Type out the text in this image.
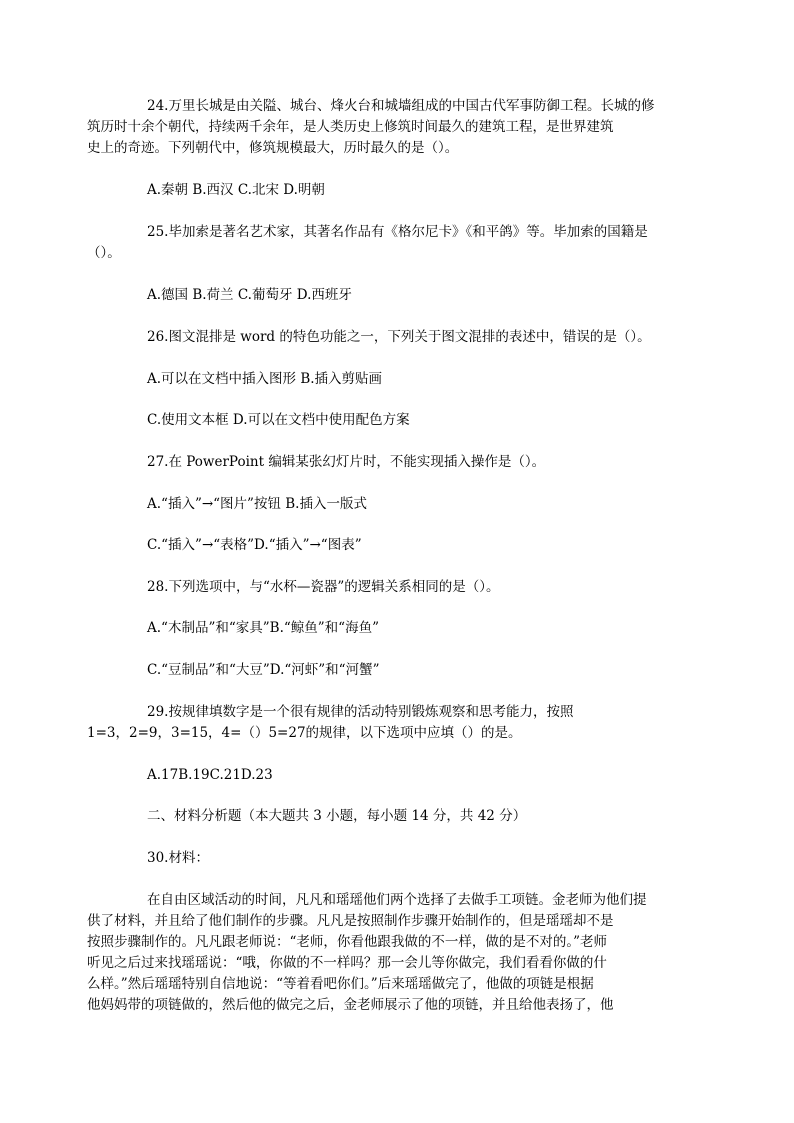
24.万里长城是由关隘、城台、烽火台和城墙组成的中国古代军事防御工程。长城的修
筑历时十余个朝代，持续两千余年，是人类历史上修筑时间最久的建筑工程，是世界建筑
史上的奇迹。下列朝代中，修筑规模最大，历时最久的是（）。
A.秦朝 B.西汉 C.北宋 D.明朝
25.毕加索是著名艺术家，其著名作品有《格尔尼卡》《和平鸽》等。毕加索的国籍是
（）。
A.德国 B.荷兰 C.葡萄牙 D.西班牙
26.图文混排是 word 的特色功能之一，下列关于图文混排的表述中，错误的是（）。
A.可以在文档中插入图形 B.插入剪贴画
C.使用文本框 D.可以在文档中使用配色方案
27.在 PowerPoint 编辑某张幻灯片时，不能实现插入操作是（）。
A.“插入”→“图片”按钮 B.插入一版式
C.“插入”→“表格”D.“插入”→“图表”
28.下列选项中，与“水杯—瓷器”的逻辑关系相同的是（）。
A.“木制品”和“家具”B.“鲸鱼”和“海鱼”
C.“豆制品”和“大豆”D.“河虾”和“河蟹”
29.按规律填数字是一个很有规律的活动特别锻炼观察和思考能力，按照
1=3，2=9，3=15，4=（）5=27的规律，以下选项中应填（）的是。
A.17B.19C.21D.23
二、材料分析题（本大题共 3 小题，每小题 14 分，共 42 分）
30.材料：
在自由区域活动的时间，凡凡和瑶瑶他们两个选择了去做手工项链。金老师为他们提
供了材料，并且给了他们制作的步骤。凡凡是按照制作步骤开始制作的，但是瑶瑶却不是
按照步骤制作的。凡凡跟老师说：“老师，你看他跟我做的不一样，做的是不对的。”老师
听见之后过来找瑶瑶说：“哦，你做的不一样吗？那一会儿等你做完，我们看看你做的什
么样。”然后瑶瑶特别自信地说：“等着看吧你们。”后来瑶瑶做完了，他做的项链是根据
他妈妈带的项链做的，然后他的做完之后，金老师展示了他的项链，并且给他表扬了，他
